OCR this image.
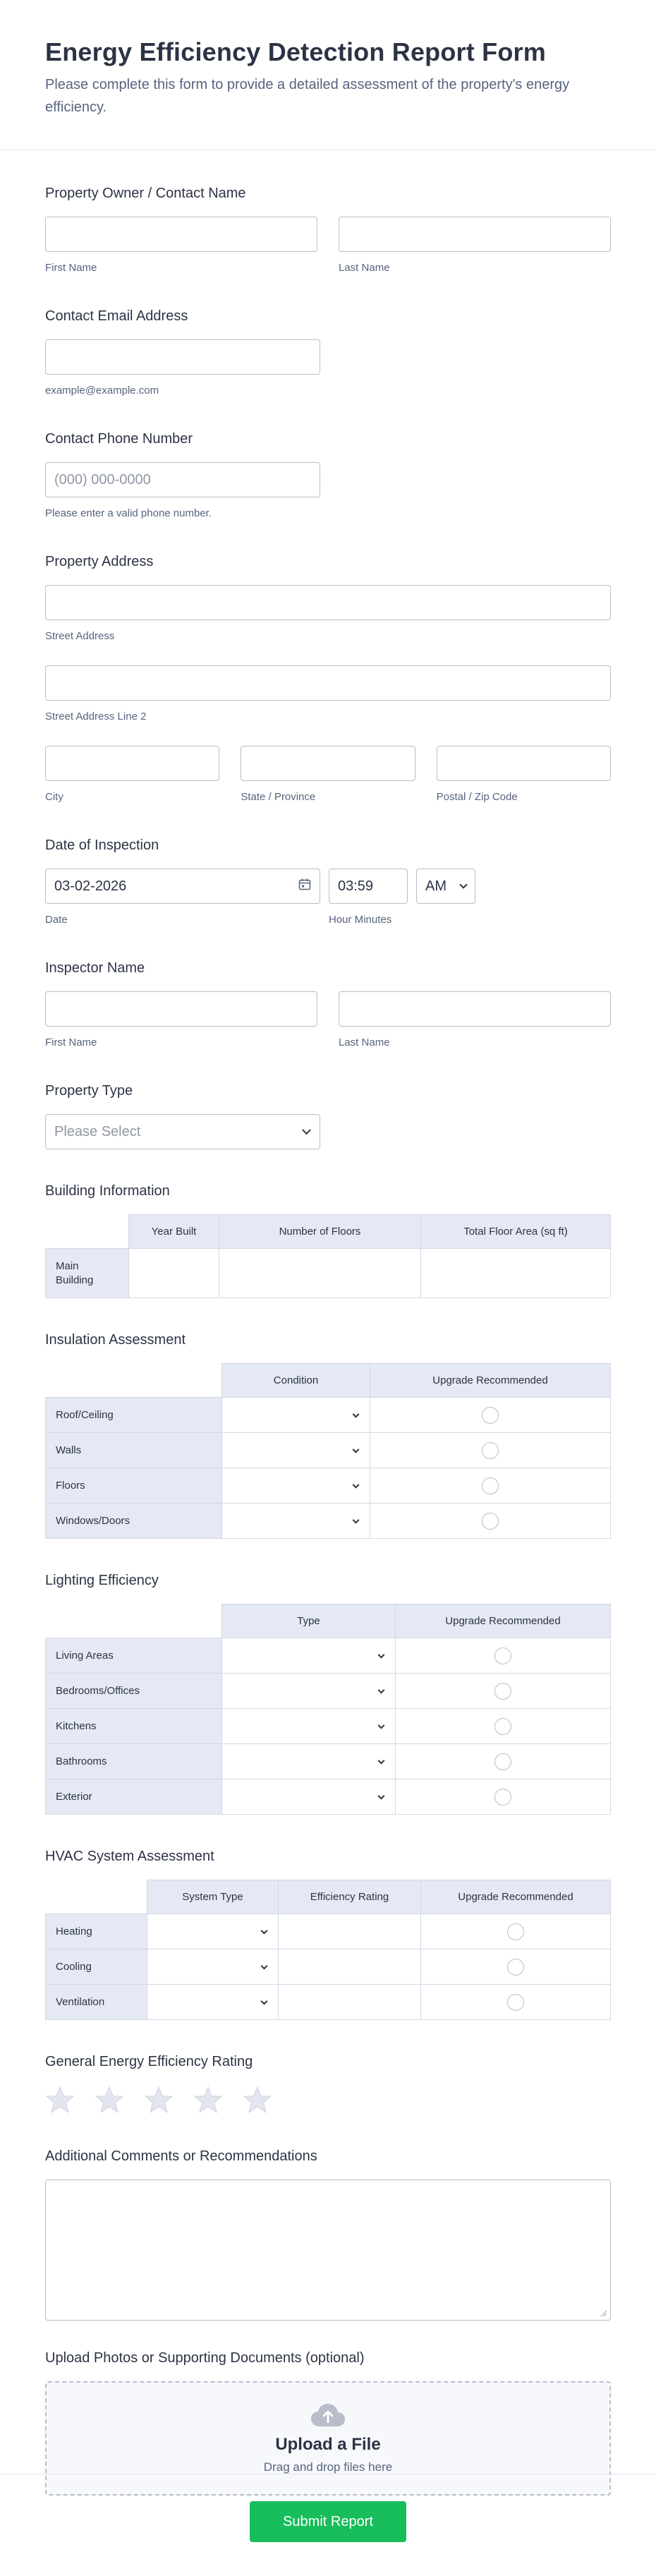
Energy Efficiency Detection Report Form

Please complete this form to provide a detailed assessment of the property's energy efficiency.

Property Owner / Contact Name
First Name	Last Name
Contact Email Address
example@example.com
Contact Phone Number
(000) 000-0000
Please enter a valid phone number.
Property Address
Street Address
Street Address Line 2
City	State / Province	Postal / Zip Code
Date of Inspection
03-02-2026
Date
03:59
Hour Minutes
AM
Inspector Name
First Name	Last Name
Property Type
Please Select
Building Information
	Year Built	Number of Floors	Total Floor Area (sq ft)
Main Building			
Insulation Assessment
	Condition	Upgrade Recommended
Roof/Ceiling	

Walls	

Floors	

Windows/Doors	

Lighting Efficiency
	Type	Upgrade Recommended
Living Areas	

Bedrooms/Offices	

Kitchens	

Bathrooms	

Exterior	

HVAC System Assessment
	System Type	Efficiency Rating	Upgrade Recommended
Heating	

Cooling	

Ventilation	

General Energy Efficiency Rating
Additional Comments or Recommendations
Upload Photos or Supporting Documents (optional)
Upload a File
Drag and drop files here
Submit Report
